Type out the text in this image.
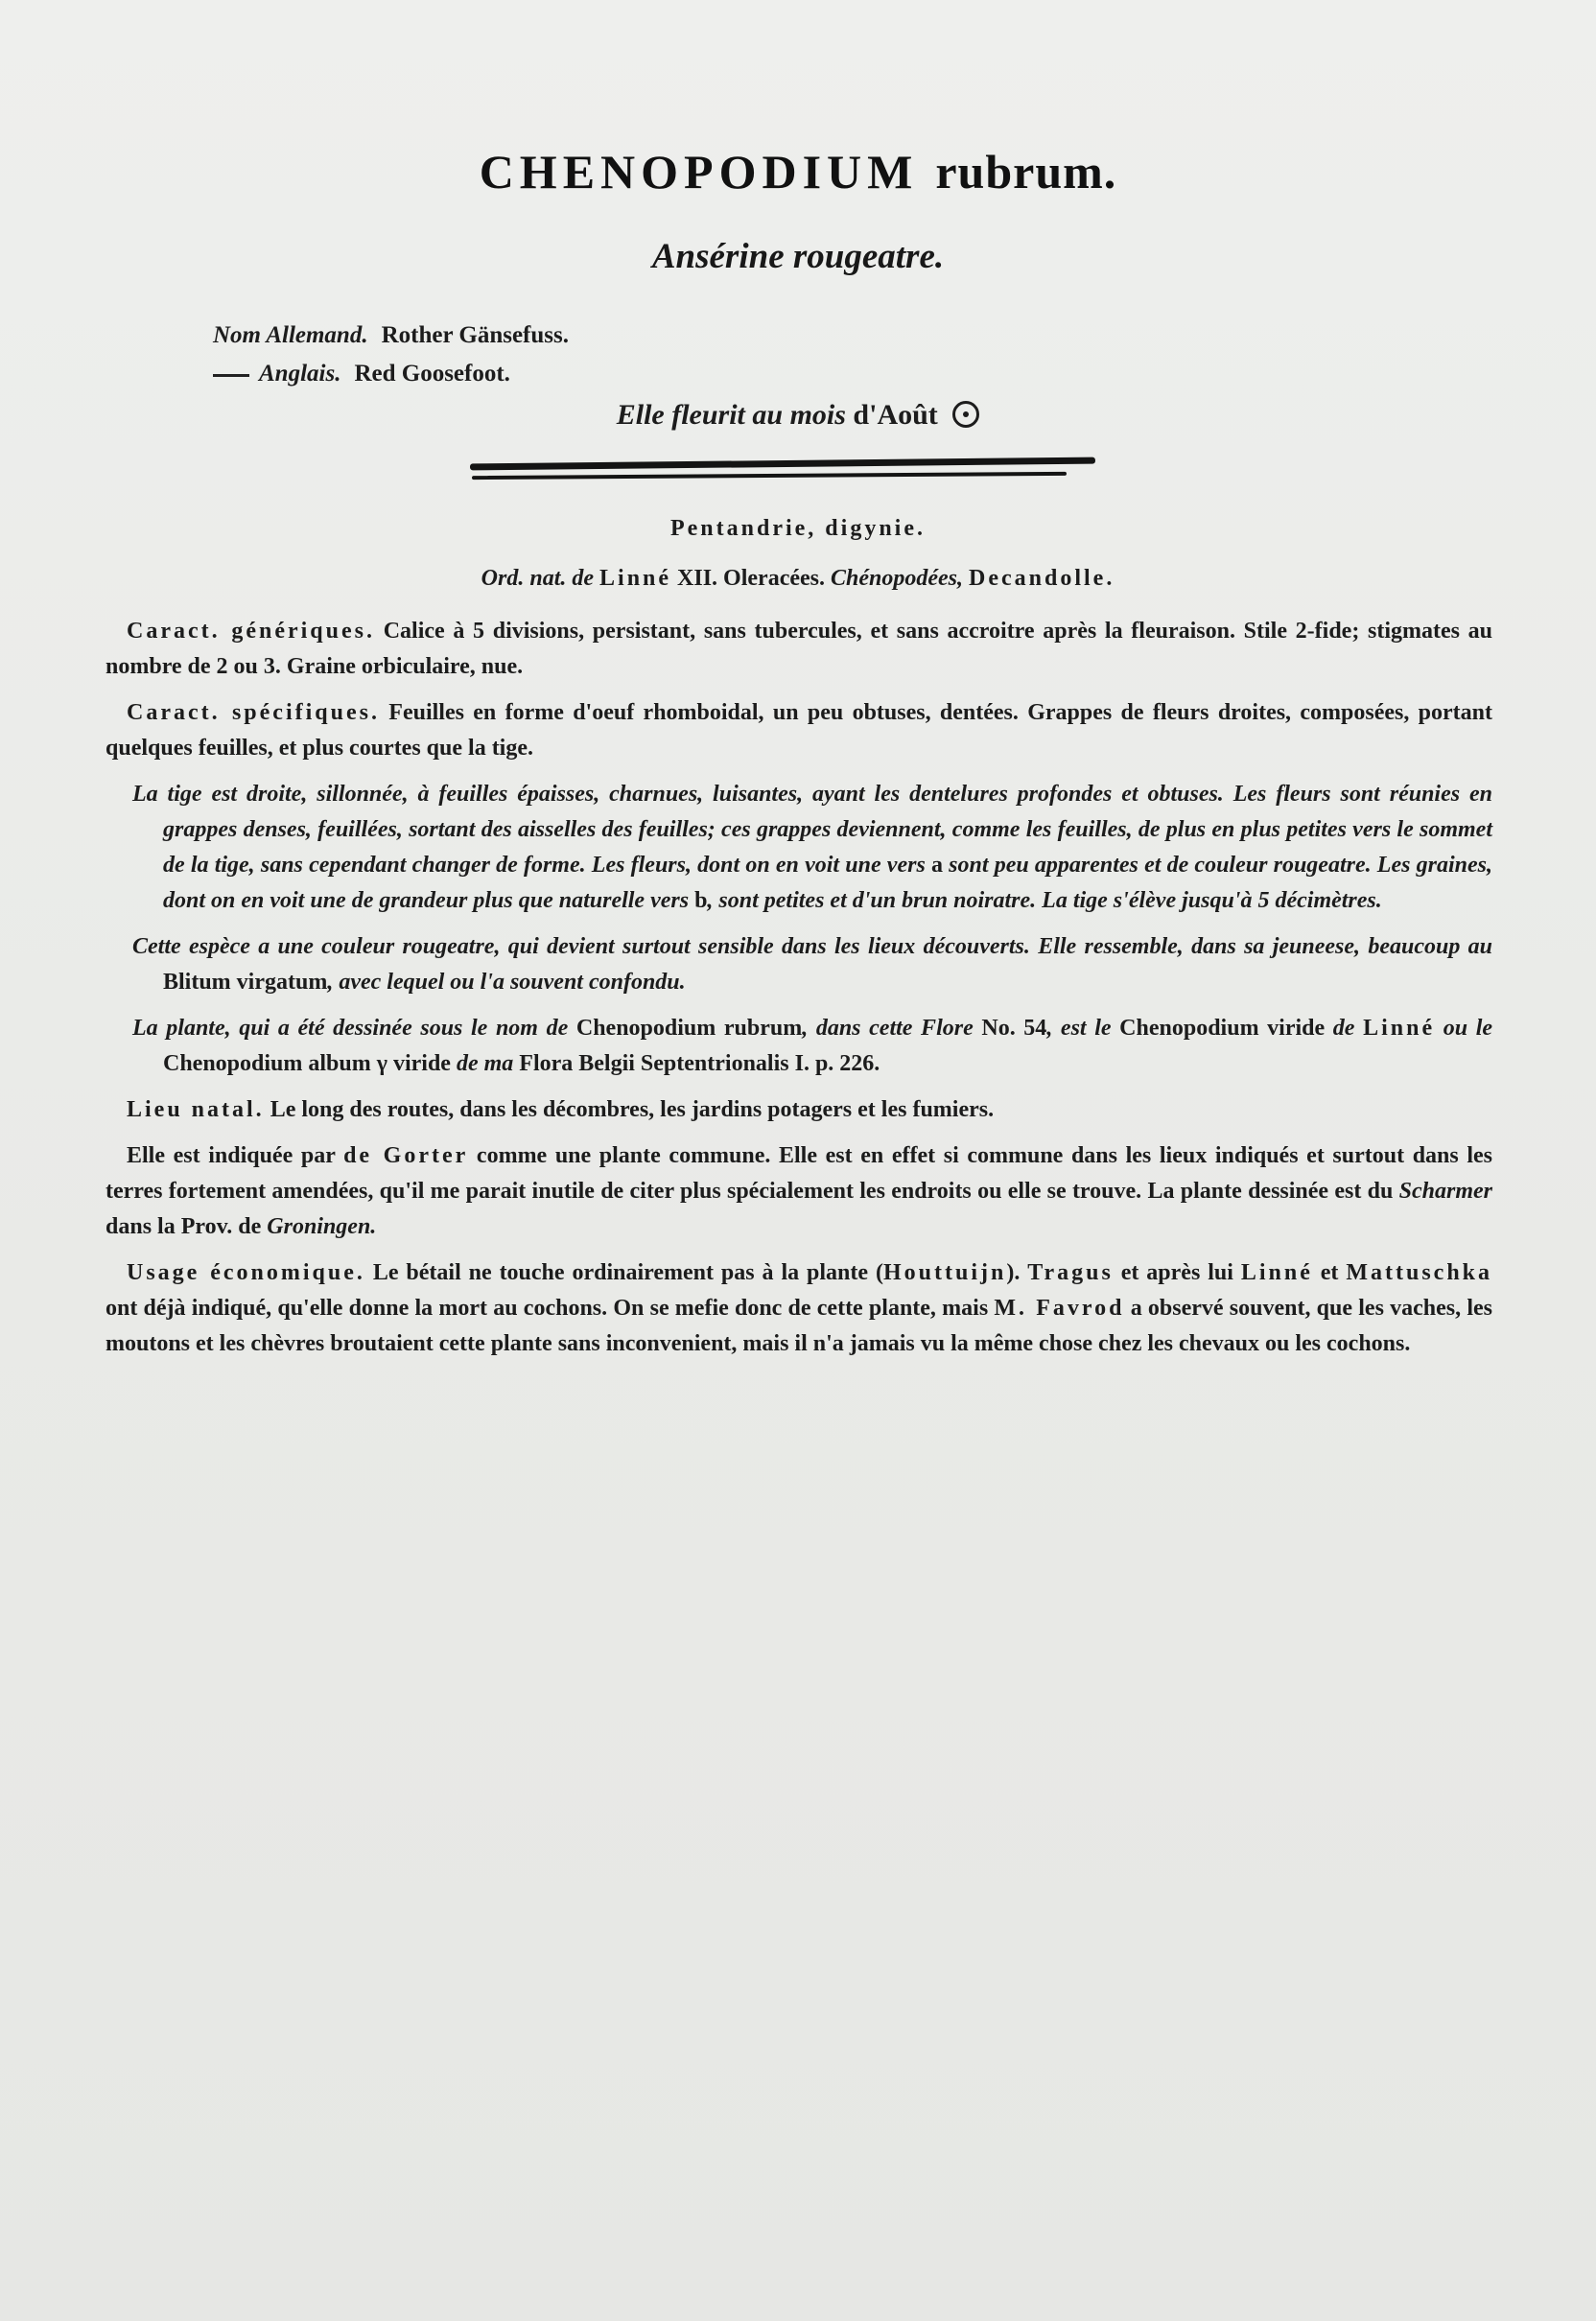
CHENOPODIUM rubrum.
Ansérine rougeatre.
Nom Allemand. Rother Gänsefuss.
Anglais. Red Goosefoot.
Elle fleurit au mois d'Août
Pentandrie, digynie.
Ord. nat. de Linné XII. Oleracées. Chénopodées, Decandolle.

Caract. génériques. Calice à 5 divisions, persistant, sans tubercules, et sans accroitre après la fleuraison. Stile 2-fide; stigmates au nombre de 2 ou 3. Graine orbiculaire, nue.

Caract. spécifiques. Feuilles en forme d'oeuf rhomboidal, un peu obtuses, dentées. Grappes de fleurs droites, composées, portant quelques feuilles, et plus courtes que la tige.

La tige est droite, sillonnée, à feuilles épaisses, charnues, luisantes, ayant les dentelures profondes et obtuses. Les fleurs sont réunies en grappes denses, feuillées, sortant des aisselles des feuilles; ces grappes deviennent, comme les feuilles, de plus en plus petites vers le sommet de la tige, sans cependant changer de forme. Les fleurs, dont on en voit une vers a sont peu apparentes et de couleur rougeatre. Les graines, dont on en voit une de grandeur plus que naturelle vers b, sont petites et d'un brun noiratre. La tige s'élève jusqu'à 5 décimètres.

Cette espèce a une couleur rougeatre, qui devient surtout sensible dans les lieux découverts. Elle ressemble, dans sa jeuneese, beaucoup au Blitum virgatum, avec lequel ou l'a souvent confondu.

La plante, qui a été dessinée sous le nom de Chenopodium rubrum, dans cette Flore No. 54, est le Chenopodium viride de Linné ou le Chenopodium album γ viride de ma Flora Belgii Septentrionalis I. p. 226.

Lieu natal. Le long des routes, dans les décombres, les jardins potagers et les fumiers.

Elle est indiquée par de Gorter comme une plante commune. Elle est en effet si commune dans les lieux indiqués et surtout dans les terres fortement amendées, qu'il me parait inutile de citer plus spécialement les endroits ou elle se trouve. La plante dessinée est du Scharmer dans la Prov. de Groningen.

Usage économique. Le bétail ne touche ordinairement pas à la plante (Houttuijn). Tragus et après lui Linné et Mattuschka ont déjà indiqué, qu'elle donne la mort au cochons. On se mefie donc de cette plante, mais M. Favrod a observé souvent, que les vaches, les moutons et les chèvres broutaient cette plante sans inconvenient, mais il n'a jamais vu la même chose chez les chevaux ou les cochons.
